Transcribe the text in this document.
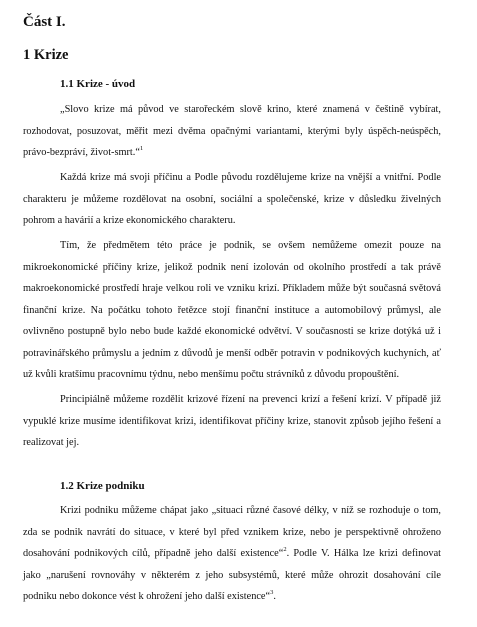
Část I.
1 Krize
1.1 Krize - úvod

„Slovo krize má původ ve starořeckém slově krino, které znamená v češtině vybírat, rozhodovat, posuzovat, měřit mezi dvěma opačnými variantami, kterými byly úspěch-neúspěch, právo-bezpráví, život-smrt.“$^1$

Každá krize má svoji příčinu a Podle původu rozdělujeme krize na vnější a vnitřní. Podle charakteru je můžeme rozdělovat na osobní, sociální a společenské, krize v důsledku živelných pohrom a havárií a krize ekonomického charakteru.

Tím, že předmětem této práce je podnik, se ovšem nemůžeme omezit pouze na mikroekonomické příčiny krize, jelikož podnik není izolován od okolního prostředí a tak právě makroekonomické prostředí hraje velkou roli ve vzniku krizí. Příkladem může být současná světová finanční krize. Na počátku tohoto řetězce stojí finanční instituce a automobilový průmysl, ale ovlivněno postupně bylo nebo bude každé ekonomické odvětví. V současnosti se krize dotýká už i potravinářského průmyslu a jedním z důvodů je menší odběr potravin v podnikových kuchyních, ať už kvůli kratšímu pracovnímu týdnu, nebo menšímu počtu strávníků z důvodu propouštění.

Principiálně můžeme rozdělit krizové řízení na prevenci krizí a řešení krizí. V případě již vypuklé krize musíme identifikovat krizi, identifikovat příčiny krize, stanovit způsob jejího řešení a realizovat jej.

1.2 Krize podniku

Krizi podniku můžeme chápat jako „situaci různé časové délky, v níž se rozhoduje o tom, zda se podnik navrátí do situace, v které byl před vznikem krize, nebo je perspektivně ohroženo dosahování podnikových cílů, případně jeho další existence“$^2$. Podle V. Hálka lze krizi definovat jako „narušení rovnováhy v některém z jeho subsystémů, které může ohrozit dosahování cíle podniku nebo dokonce vést k ohrožení jeho další existence“$^3$.
